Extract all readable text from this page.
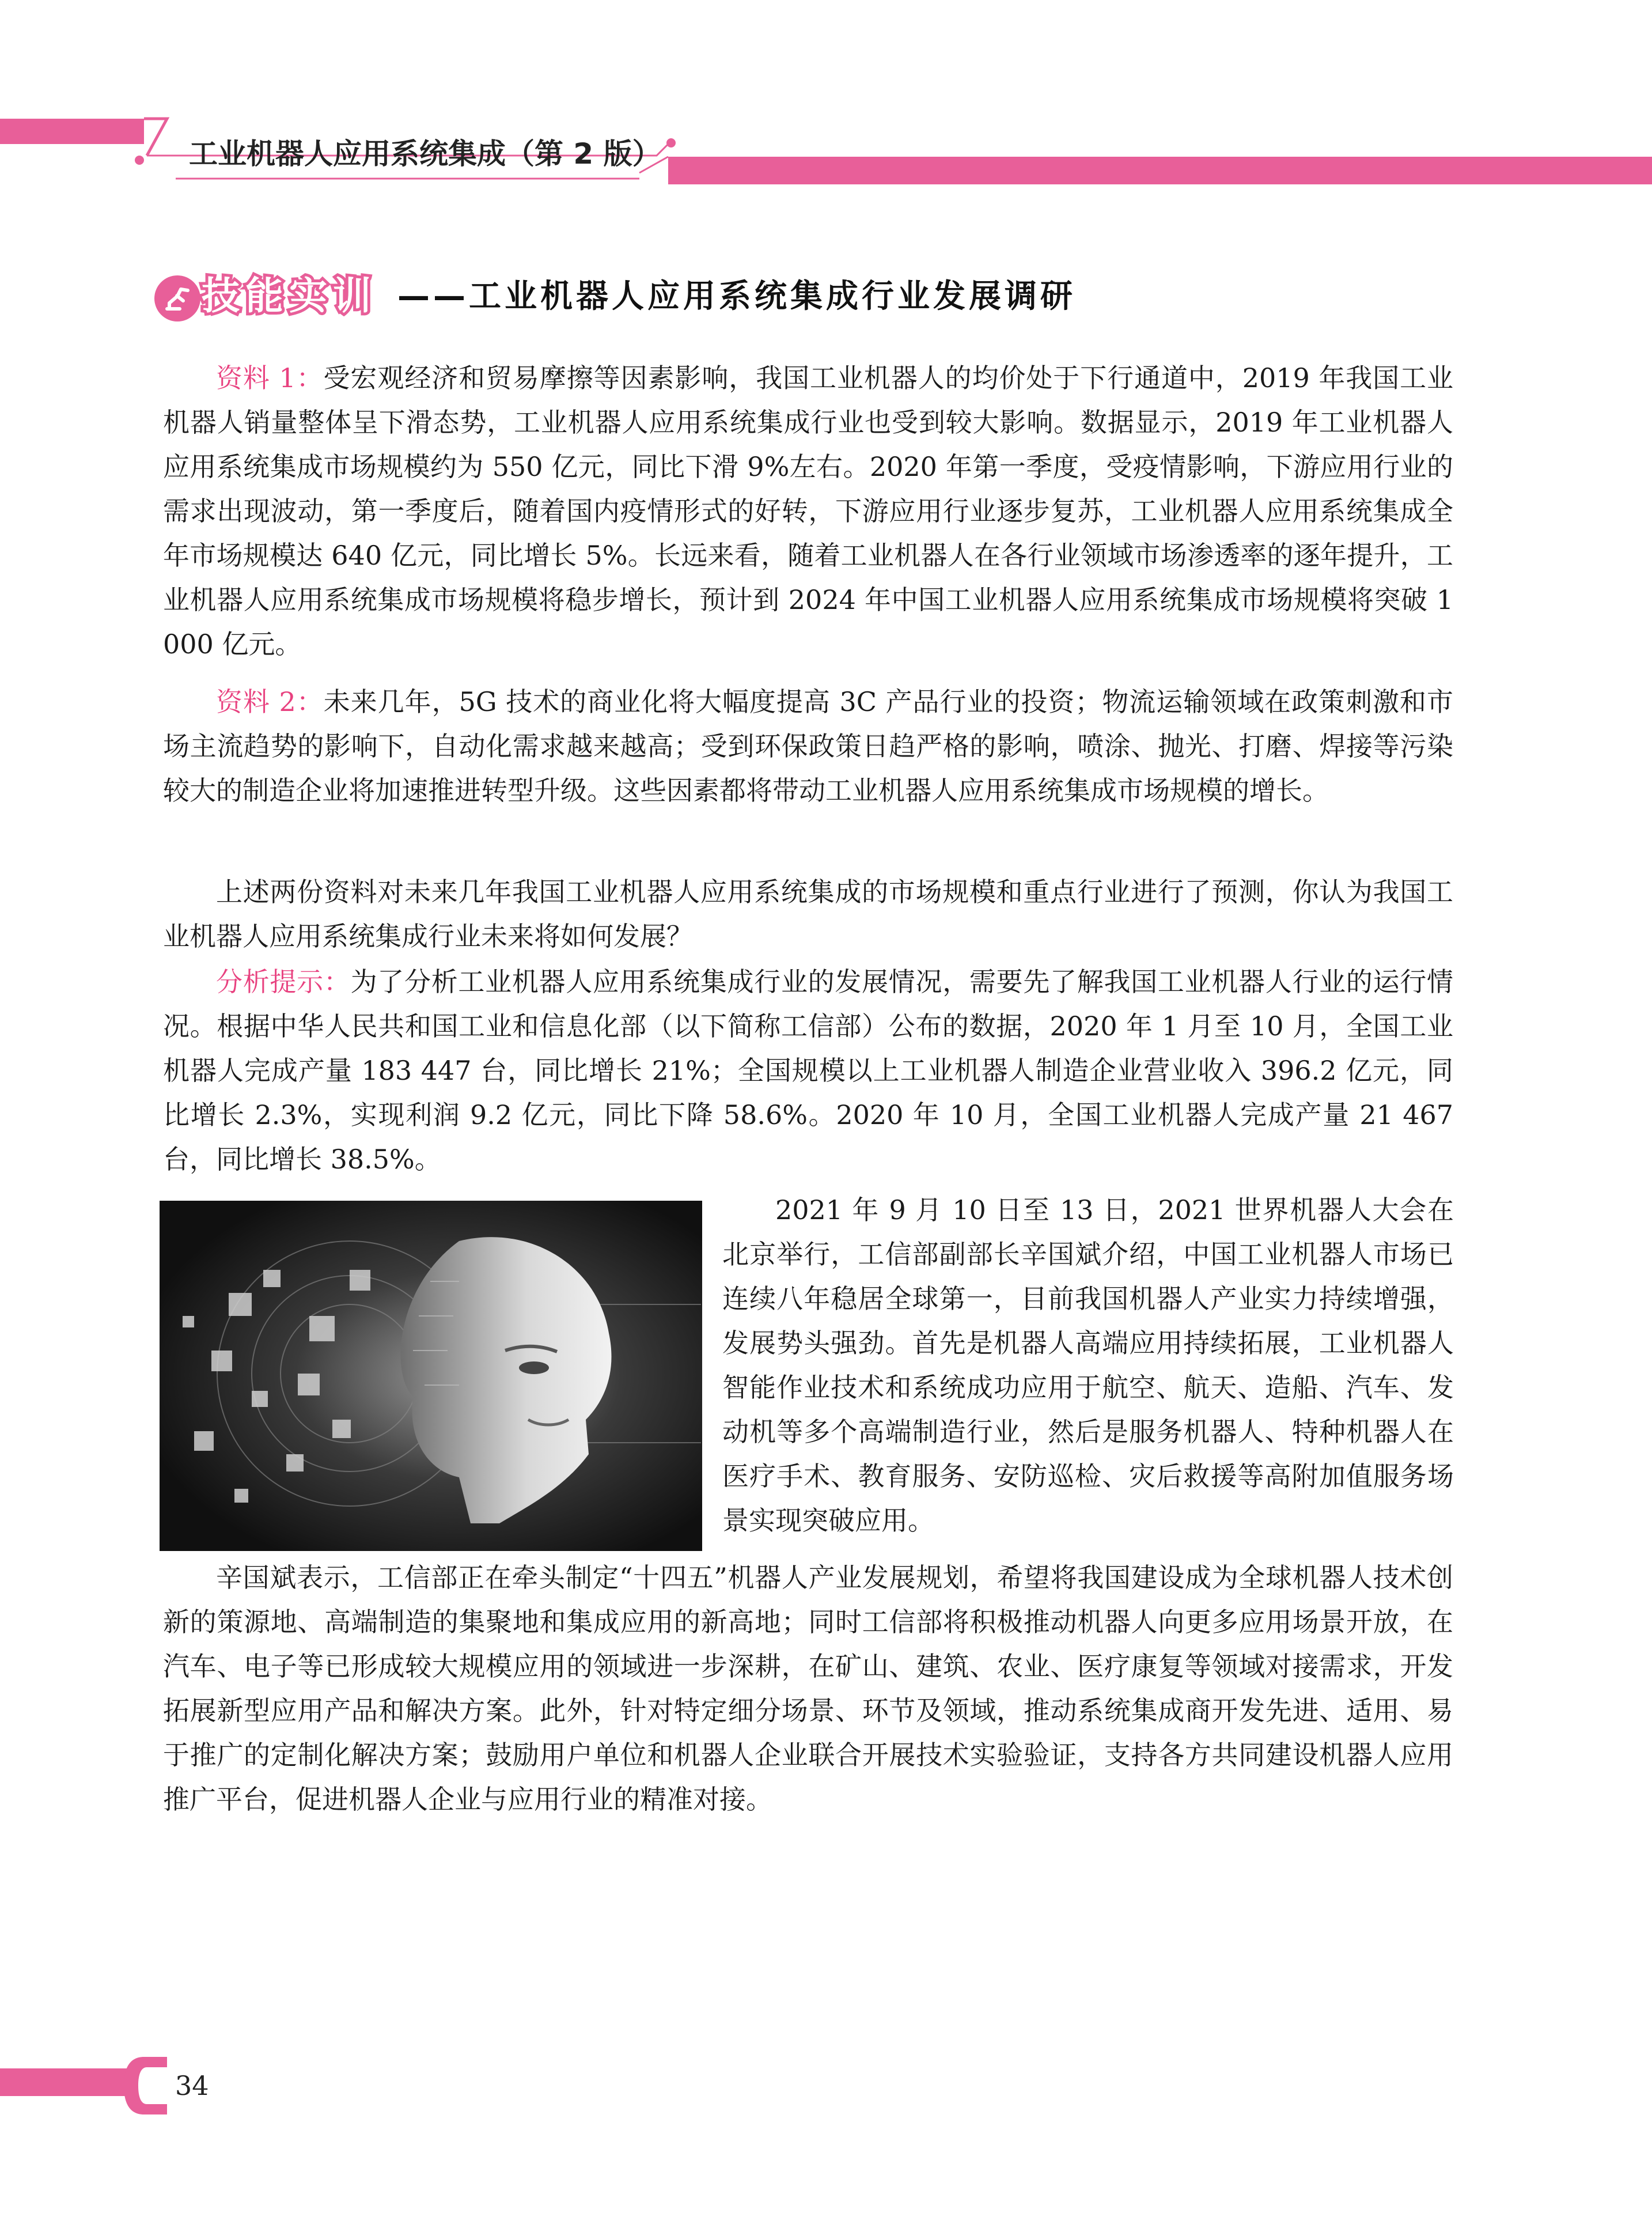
工业机器人应用系统集成（第 2 版）
技能实训 ——工业机器人应用系统集成行业发展调研

资料 1：受宏观经济和贸易摩擦等因素影响，我国工业机器人的均价处于下行通道中，2019 年我国工业机器人销量整体呈下滑态势，工业机器人应用系统集成行业也受到较大影响。数据显示，2019 年工业机器人应用系统集成市场规模约为 550 亿元，同比下滑 9%左右。2020 年第一季度，受疫情影响，下游应用行业的需求出现波动，第一季度后，随着国内疫情形式的好转，下游应用行业逐步复苏，工业机器人应用系统集成全年市场规模达 640 亿元，同比增长 5%。长远来看，随着工业机器人在各行业领域市场渗透率的逐年提升，工业机器人应用系统集成市场规模将稳步增长，预计到 2024 年中国工业机器人应用系统集成市场规模将突破 1 000 亿元。

资料 2：未来几年，5G 技术的商业化将大幅度提高 3C 产品行业的投资；物流运输领域在政策刺激和市场主流趋势的影响下，自动化需求越来越高；受到环保政策日趋严格的影响，喷涂、抛光、打磨、焊接等污染较大的制造企业将加速推进转型升级。这些因素都将带动工业机器人应用系统集成市场规模的增长。

上述两份资料对未来几年我国工业机器人应用系统集成的市场规模和重点行业进行了预测，你认为我国工业机器人应用系统集成行业未来将如何发展？

分析提示：为了分析工业机器人应用系统集成行业的发展情况，需要先了解我国工业机器人行业的运行情况。根据中华人民共和国工业和信息化部（以下简称工信部）公布的数据，2020 年 1 月至 10 月，全国工业机器人完成产量 183 447 台，同比增长 21%；全国规模以上工业机器人制造企业营业收入 396.2 亿元，同比增长 2.3%，实现利润 9.2 亿元，同比下降 58.6%。2020 年 10 月，全国工业机器人完成产量 21 467 台，同比增长 38.5%。

2021 年 9 月 10 日至 13 日，2021 世界机器人大会在北京举行，工信部副部长辛国斌介绍，中国工业机器人市场已连续八年稳居全球第一，目前我国机器人产业实力持续增强，发展势头强劲。首先是机器人高端应用持续拓展，工业机器人智能作业技术和系统成功应用于航空、航天、造船、汽车、发动机等多个高端制造行业，然后是服务机器人、特种机器人在医疗手术、教育服务、安防巡检、灾后救援等高附加值服务场景实现突破应用。

辛国斌表示，工信部正在牵头制定“十四五”机器人产业发展规划，希望将我国建设成为全球机器人技术创新的策源地、高端制造的集聚地和集成应用的新高地；同时工信部将积极推动机器人向更多应用场景开放，在汽车、电子等已形成较大规模应用的领域进一步深耕，在矿山、建筑、农业、医疗康复等领域对接需求，开发拓展新型应用产品和解决方案。此外，针对特定细分场景、环节及领域，推动系统集成商开发先进、适用、易于推广的定制化解决方案；鼓励用户单位和机器人企业联合开展技术实验验证，支持各方共同建设机器人应用推广平台，促进机器人企业与应用行业的精准对接。

34
